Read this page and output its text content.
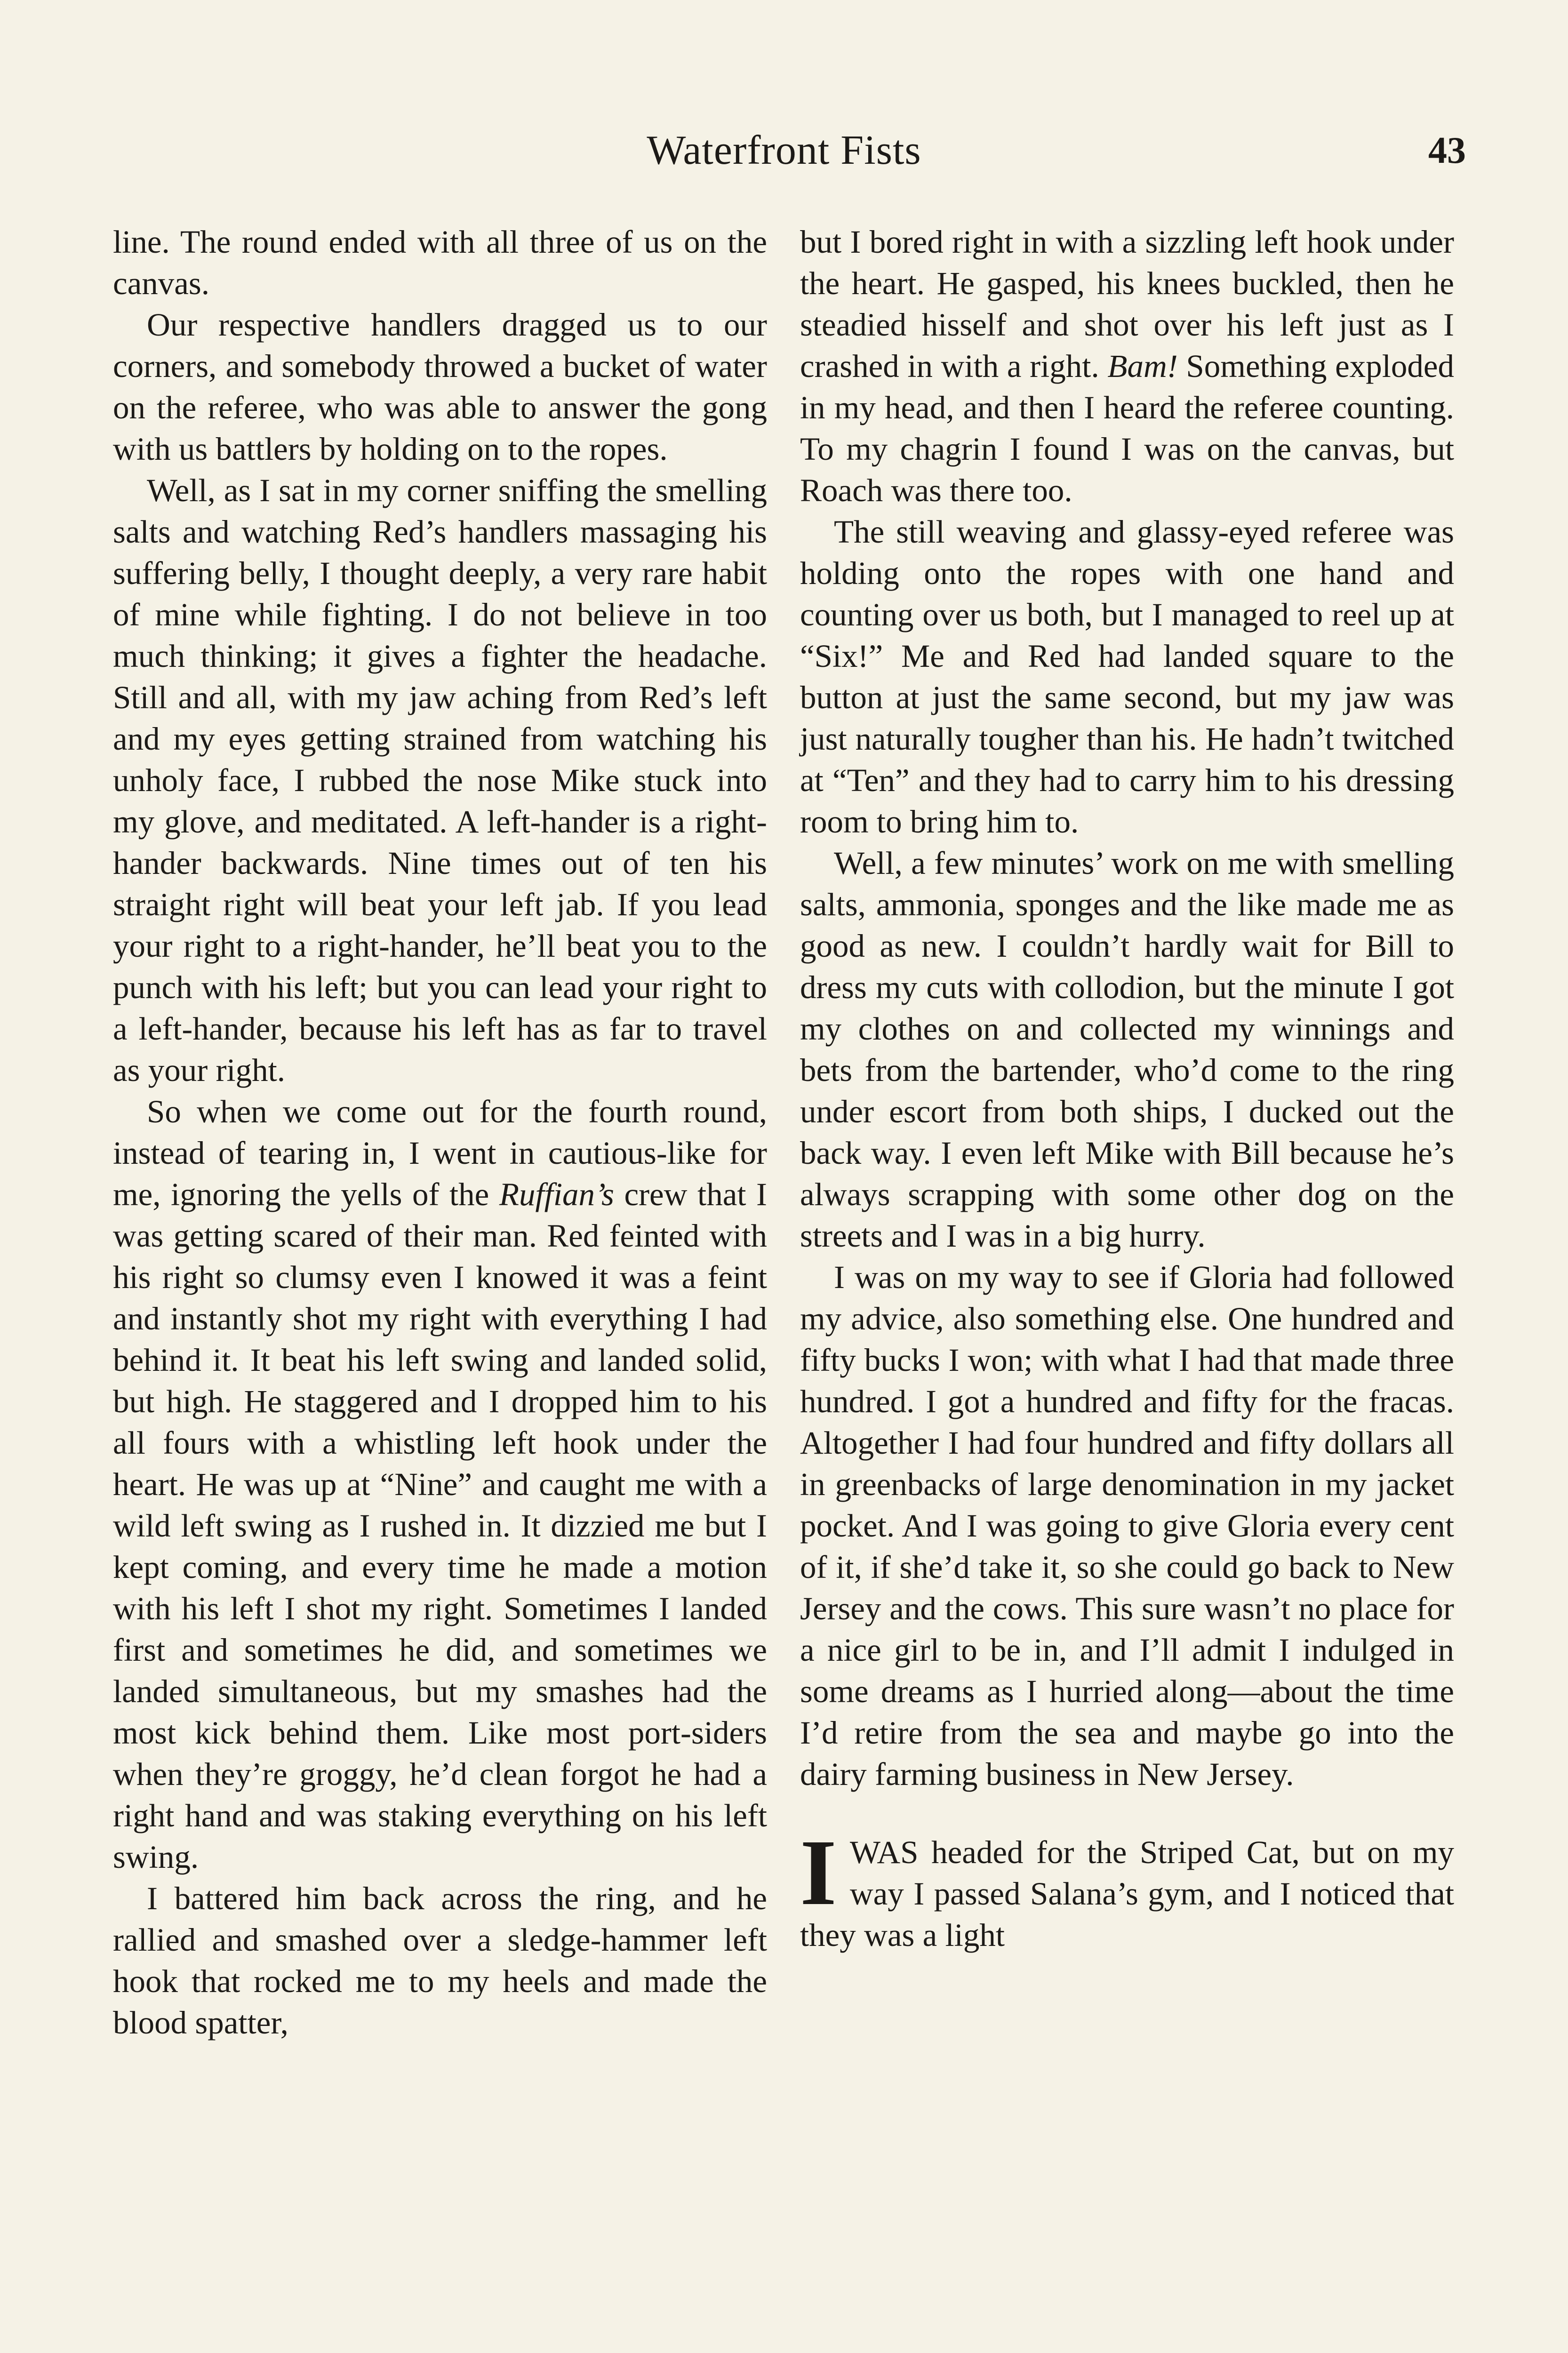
Waterfront Fists	43

line. The round ended with all three of us on the canvas.

Our respective handlers dragged us to our corners, and somebody throwed a bucket of water on the referee, who was able to answer the gong with us battlers by holding on to the ropes.

Well, as I sat in my corner sniffing the smelling salts and watching Red’s handlers massaging his suffering belly, I thought deeply, a very rare habit of mine while fighting. I do not believe in too much thinking; it gives a fighter the headache. Still and all, with my jaw aching from Red’s left and my eyes getting strained from watching his unholy face, I rubbed the nose Mike stuck into my glove, and meditated. A left-hander is a right-hander backwards. Nine times out of ten his straight right will beat your left jab. If you lead your right to a right-hander, he’ll beat you to the punch with his left; but you can lead your right to a left-hander, because his left has as far to travel as your right.

So when we come out for the fourth round, instead of tearing in, I went in cautious-like for me, ignoring the yells of the Ruffian’s crew that I was getting scared of their man. Red feinted with his right so clumsy even I knowed it was a feint and instantly shot my right with everything I had behind it. It beat his left swing and landed solid, but high. He staggered and I dropped him to his all fours with a whistling left hook under the heart. He was up at “Nine” and caught me with a wild left swing as I rushed in. It dizzied me but I kept coming, and every time he made a motion with his left I shot my right. Sometimes I landed first and sometimes he did, and sometimes we landed simultaneous, but my smashes had the most kick behind them. Like most port-siders when they’re groggy, he’d clean forgot he had a right hand and was staking everything on his left swing.

I battered him back across the ring, and he rallied and smashed over a sledge-hammer left hook that rocked me to my heels and made the blood spatter,

but I bored right in with a sizzling left hook under the heart. He gasped, his knees buckled, then he steadied hisself and shot over his left just as I crashed in with a right. Bam! Something exploded in my head, and then I heard the referee counting. To my chagrin I found I was on the canvas, but Roach was there too.

The still weaving and glassy-eyed referee was holding onto the ropes with one hand and counting over us both, but I managed to reel up at “Six!” Me and Red had landed square to the button at just the same second, but my jaw was just naturally tougher than his. He hadn’t twitched at “Ten” and they had to carry him to his dressing room to bring him to.

Well, a few minutes’ work on me with smelling salts, ammonia, sponges and the like made me as good as new. I couldn’t hardly wait for Bill to dress my cuts with collodion, but the minute I got my clothes on and collected my winnings and bets from the bartender, who’d come to the ring under escort from both ships, I ducked out the back way. I even left Mike with Bill because he’s always scrapping with some other dog on the streets and I was in a big hurry.

I was on my way to see if Gloria had followed my advice, also something else. One hundred and fifty bucks I won; with what I had that made three hundred. I got a hundred and fifty for the fracas. Altogether I had four hundred and fifty dollars all in greenbacks of large denomination in my jacket pocket. And I was going to give Gloria every cent of it, if she’d take it, so she could go back to New Jersey and the cows. This sure wasn’t no place for a nice girl to be in, and I’ll admit I indulged in some dreams as I hurried along—about the time I’d retire from the sea and maybe go into the dairy farming business in New Jersey.

I WAS headed for the Striped Cat, but on my way I passed Salana’s gym, and I noticed that they was a light
